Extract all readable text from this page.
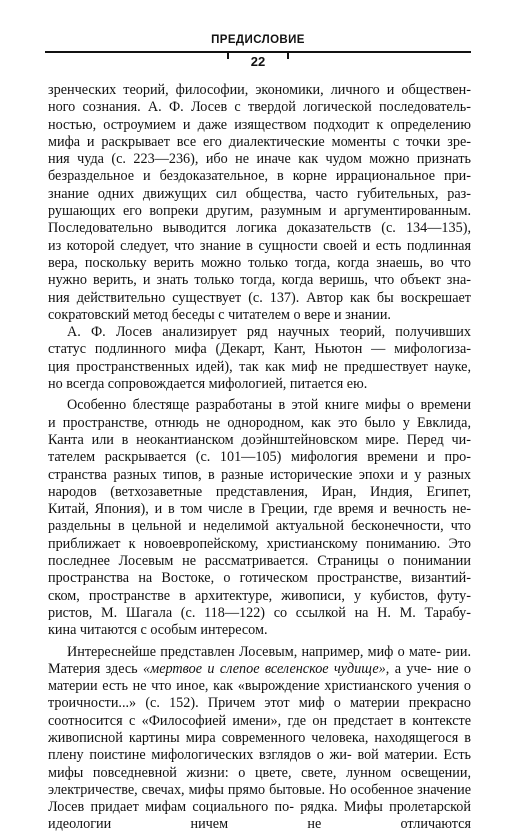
ПРЕДИСЛОВИЕ
22

зренческих теорий, философии, экономики, личного и обществен-

ного сознания. А. Ф. Лосев с твердой логической последователь-

ностью, остроумием и даже изяществом подходит к определению

мифа и раскрывает все его диалектические моменты с точки зре-

ния чуда (с. 223—236), ибо не иначе как чудом можно признать

безраздельное и бездоказательное, в корне иррациональное при-

знание одних движущих сил общества, часто губительных, раз-

рушающих его вопреки другим, разумным и аргументированным.

Последовательно выводится логика доказательств (с. 134—135),

из которой следует, что знание в сущности своей и есть подлинная

вера, поскольку верить можно только тогда, когда знаешь, во что

нужно верить, и знать только тогда, когда веришь, что объект зна-

ния действительно существует (с. 137). Автор как бы воскрешает

сократовский метод беседы с читателем о вере и знании.

А. Ф. Лосев анализирует ряд научных теорий, получивших

статус подлинного мифа (Декарт, Кант, Ньютон — мифологиза-

ция пространственных идей), так как миф не предшествует науке,

но всегда сопровождается мифологией, питается ею.

Особенно блестяще разработаны в этой книге мифы о времени

и пространстве, отнюдь не однородном, как это было у Евклида,

Канта или в неокантианском доэйнштейновском мире. Перед чи-

тателем раскрывается (с. 101—105) мифология времени и про-

странства разных типов, в разные исторические эпохи и у разных

народов (ветхозаветные представления, Иран, Индия, Египет,

Китай, Япония), и в том числе в Греции, где время и вечность не-

раздельны в цельной и неделимой актуальной бесконечности, что

приближает к новоевропейскому, христианскому пониманию. Это

последнее Лосевым не рассматривается. Страницы о понимании

пространства на Востоке, о готическом пространстве, византий-

ском, пространстве в архитектуре, живописи, у кубистов, футу-

ристов, М. Шагала (с. 118—122) со ссылкой на Н. М. Тарабу-

кина читаются с особым интересом.

Интереснейше представлен Лосевым, например, миф о мате- рии. Материя здесь «мертвое и слепое вселенское чудище», а уче- ние о материи есть не что иное, как «вырождение христианского учения о троичности...» (с. 152). Причем этот миф о материи прекрасно соотносится с «Философией имени», где он предстает в контексте живописной картины мира современного человека, находящегося в плену поистине мифологических взглядов о жи- вой материи. Есть мифы повседневной жизни: о цвете, свете, лунном освещении, электричестве, свечах, мифы прямо бытовые. Но особенное значение Лосев придает мифам социального по- рядка. Мифы пролетарской идеологии ничем не отличаются
